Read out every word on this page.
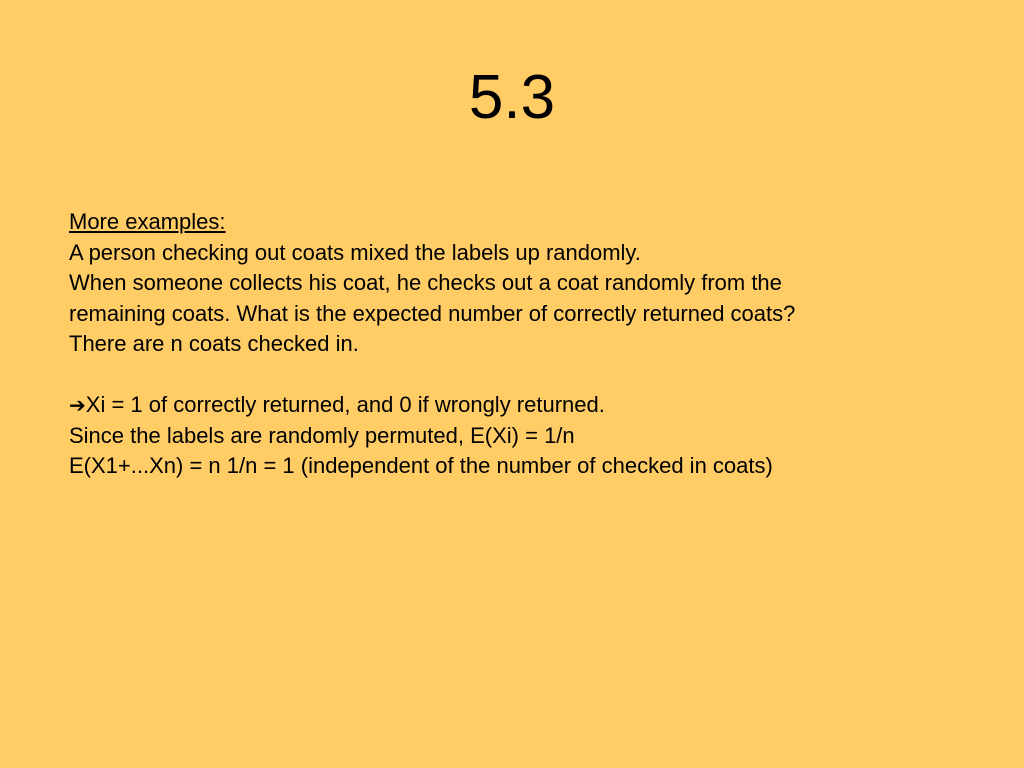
5.3
More examples:
A person checking out coats mixed the labels up randomly.
When someone collects his coat, he checks out a coat randomly from the
remaining coats. What is the expected number of correctly returned coats?
There are n coats checked in.
➔Xi = 1 of correctly returned, and 0 if wrongly returned.
Since the labels are randomly permuted, E(Xi) = 1/n
E(X1+...Xn) = n 1/n = 1 (independent of the number of checked in coats)
